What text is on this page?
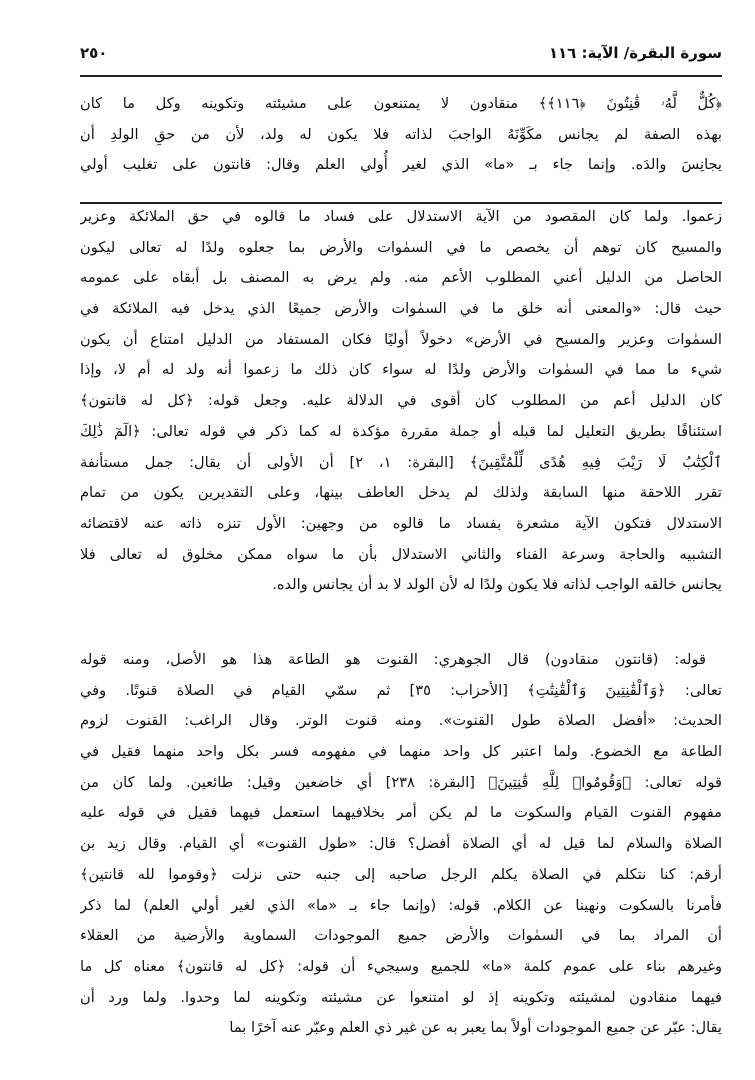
سورة البقرة/ الآية: ١١٦
٢٥٠
﴿كُلٌّ لَّهُۥ قَٰنِتُونَ ﴿١١٦﴾﴾ منقادون لا يمتنعون على مشيئته وتكوينه وكل ما كان
بهذه الصفة لم يجانس مكَوِّنَهُ الواجبَ لذاته فلا يكون له ولد، لأن من حقِ الولدِ أن
يجانِسَ والدَه. وإنما جاء بـ «ما» الذي لغير أُولي العلم وقال: قانتون على تغليب أولي
زعموا. ولما كان المقصود من الآية الاستدلال على فساد ما قالوه في حق الملائكة وعزير
والمسيح كان توهم أن يخصص ما في السمٰوات والأرض بما جعلوه ولدًا له تعالى ليكون
الحاصل من الدليل أعني المطلوب الأعم منه. ولم يرض به المصنف بل أبقاه على عمومه
حيث قال: «والمعنى أنه خلق ما في السمٰوات والأرض جميعًا الذي يدخل فيه الملائكة في
السمٰوات وعزير والمسيح في الأرض» دخولاً أوليًا فكان المستفاد من الدليل امتناع أن يكون
شيء ما مما في السمٰوات والأرض ولدًا له سواء كان ذلك ما زعموا أنه ولد له أم لا، وإذا
كان الدليل أعم من المطلوب كان أقوى في الدلالة عليه. وجعل قوله: ﴿كل له قانتون﴾
استئنافًا بطريق التعليل لما قبله أو جملة مقررة مؤكدة له كما ذكر في قوله تعالى: ﴿الٓمٓ ذَٰلِكَ
ٱلْكِتَٰبُ لَا رَيْبَ فِيهِ هُدًى لِّلْمُتَّقِينَ﴾ [البقرة: ١، ٢] أن الأولى أن يقال: جمل مستأنفة
تقرر اللاحقة منها السابقة ولذلك لم يدخل العاطف بينها، وعلى التقديرين يكون من تمام
الاستدلال فتكون الآية مشعرة بفساد ما قالوه من وجهين: الأول تنزه ذاته عنه لاقتضائه
التشبيه والحاجة وسرعة الفناء والثاني الاستدلال بأن ما سواه ممكن مخلوق له تعالى فلا
يجانس خالقه الواجب لذاته فلا يكون ولدًا له لأن الولد لا بد أن يجانس والده.
قوله: (قانتون منقادون) قال الجوهري: القنوت هو الطاعة هذا هو الأصل، ومنه قوله
تعالى: ﴿وَٱلْقَٰنِتِينَ وَٱلْقَٰنِتَٰتِ﴾ [الأحزاب: ٣٥] ثم سمّي القيام في الصلاة قنوتًا. وفي
الحديث: «أفضل الصلاة طول القنوت». ومنه قنوت الوتر. وقال الراغب: القنوت لزوم
الطاعة مع الخضوع. ولما اعتبر كل واحد منهما في مفهومه فسر بكل واحد منهما فقيل في
قوله تعالى: ﴿وَقُومُوا۟ لِلَّهِ قَٰنِتِينَ﴾ [البقرة: ٢٣٨] أي خاضعين وقيل: طائعين. ولما كان من
مفهوم القنوت القيام والسكوت ما لم يكن أمر بخلافيهما استعمل فيهما فقيل في قوله عليه
الصلاة والسلام لما قيل له أي الصلاة أفضل؟ قال: «طول القنوت» أي القيام. وقال زيد بن
أرقم: كنا نتكلم في الصلاة يكلم الرجل صاحبه إلى جنبه حتى نزلت ﴿وقوموا لله قانتين﴾
فأمرنا بالسكوت ونهينا عن الكلام. قوله: (وإنما جاء بـ «ما» الذي لغير أولي العلم) لما ذكر
أن المراد بما في السمٰوات والأرض جميع الموجودات السماوية والأرضية من العقلاء
وغيرهم بناء على عموم كلمة «ما» للجميع وسيجيء أن قوله: ﴿كل له قانتون﴾ معناه كل ما
فيهما منقادون لمشيئته وتكوينه إذ لو امتنعوا عن مشيئته وتكوينه لما وحدوا. ولما ورد أن
يقال: عبّر عن جميع الموجودات أولاً بما يعبر به عن غير ذي العلم وعبّر عنه آخرًا بما
